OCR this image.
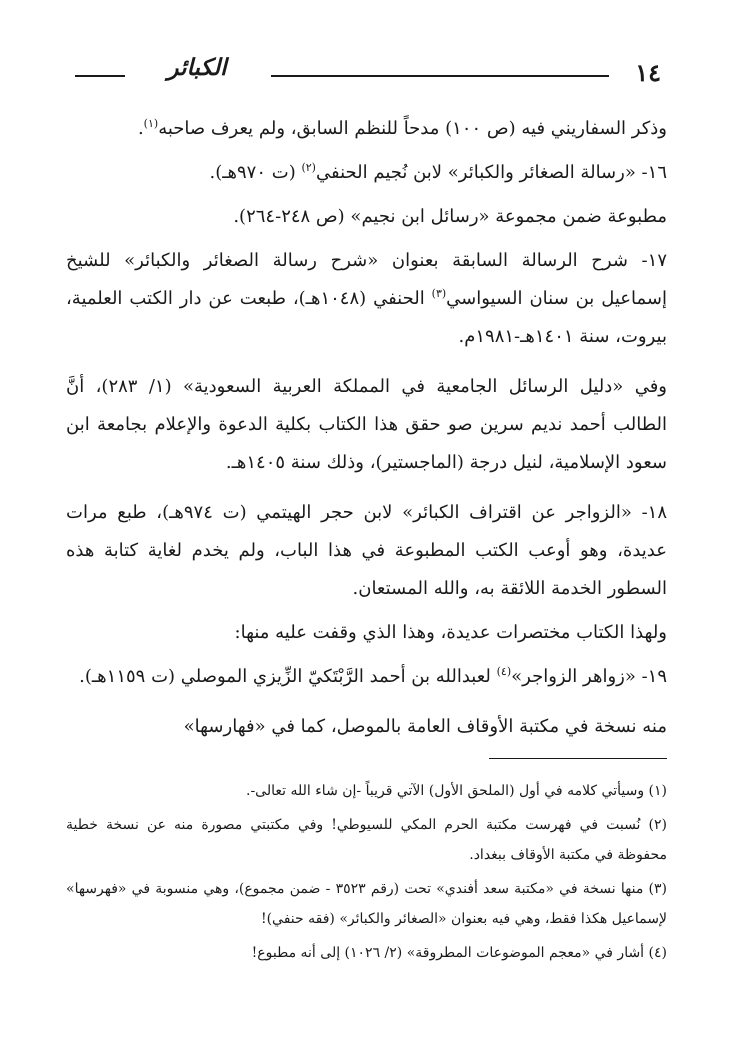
١٤
الكبائر

وذكر السفاريني فيه (ص ١٠٠) مدحاً للنظم السابق، ولم يعرف صاحبه$^{(١)}$.

١٦- «رسالة الصغائر والكبائر» لابن نُجيم الحنفي$^{(٢)}$ (ت ٩٧٠هـ).

مطبوعة ضمن مجموعة «رسائل ابن نجيم» (ص ٢٤٨-٢٦٤).

١٧- شرح الرسالة السابقة بعنوان «شرح رسالة الصغائر والكبائر» للشيخ إسماعيل بن سنان السيواسي$^{(٣)}$ الحنفي (١٠٤٨هـ)، طبعت عن دار الكتب العلمية، بيروت، سنة ١٤٠١هـ-١٩٨١م.

وفي «دليل الرسائل الجامعية في المملكة العربية السعودية» (١/ ٢٨٣)، أنَّ الطالب أحمد نديم سرين صو حقق هذا الكتاب بكلية الدعوة والإعلام بجامعة ابن سعود الإسلامية، لنيل درجة (الماجستير)، وذلك سنة ١٤٠٥هـ.

١٨- «الزواجر عن اقتراف الكبائر» لابن حجر الهيتمي (ت ٩٧٤هـ)، طبع مرات عديدة، وهو أوعب الكتب المطبوعة في هذا الباب، ولم يخدم لغاية كتابة هذه السطور الخدمة اللائقة به، والله المستعان.

ولهذا الكتاب مختصرات عديدة، وهذا الذي وقفت عليه منها:

١٩- «زواهر الزواجر»$^{(٤)}$ لعبدالله بن أحمد الرَّبْتَكيّ الزِّيزي الموصلي (ت ١١٥٩هـ).

منه نسخة في مكتبة الأوقاف العامة بالموصل، كما في «فهارسها»

(١) وسيأتي كلامه في أول (الملحق الأول) الآتي قريباً -إن شاء الله تعالى-.

(٢) نُسبت في فهرست مكتبة الحرم المكي للسيوطي! وفي مكتبتي مصورة منه عن نسخة خطية محفوظة في مكتبة الأوقاف ببغداد.

(٣) منها نسخة في «مكتبة سعد أفندي» تحت (رقم ٣٥٢٣ - ضمن مجموع)، وهي منسوبة في «فهرسها» لإسماعيل هكذا فقط، وهي فيه بعنوان «الصغائر والكبائر» (فقه حنفي)!

(٤) أشار في «معجم الموضوعات المطروقة» (٢/ ١٠٢٦) إلى أنه مطبوع!
